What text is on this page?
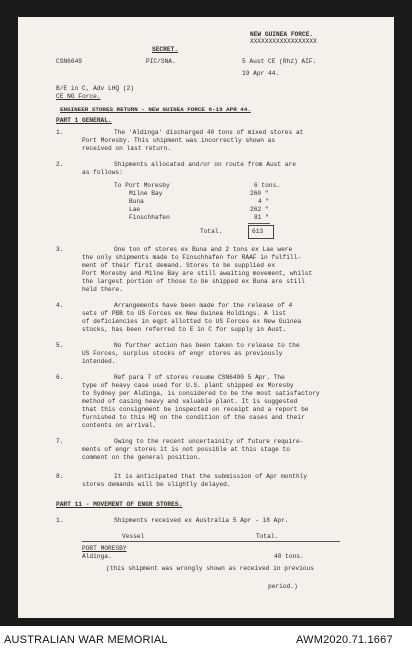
NEW GUINEA FORCE.
XXXXXXXXXXXXXXXXXX
SECRET.
CSN6649	PIC/SNA.	5 Aust CE (Rhz) AIF.
19 Apr 44.
B/E in C, Adv LHQ (2)
CE NG Force.
ENGINEER STORES RETURN - NEW GUINEA FORCE 6-19 APR 44.
PART 1 GENERAL.
1.	The 'Aldinga' discharged 40 tons of mixed stores at
Port Moresby. This shipment was incorrectly shown as
received on last return.
2.	Shipments allocated and/or on route from Aust are
as follows:
To Port Moresby	6 tons.
Milne Bay	260 "
Buna	4 "
Lae	262 "
Finschhafen	81 "
Total.	613
3.	One ton of stores ex Buna and 2 tons ex Lae were
the only shipments made to Finschhafen for RAAF in fulfill-
ment of their first demand. Stores to be supplied ex
Port Moresby and Milne Bay are still awaiting movement, whilst
the largest portion of those to be shipped ex Buna are still
held there.
4.	Arrangements have been made for the release of 4
sets of PBB to US Forces ex New Guinea Holdings. A list
of deficiencies in eqpt allotted to US Forces ex New Guinea
stocks, has been referred to E in C for supply in Aust.
5.	No further action has been taken to release to the
US Forces, surplus stocks of engr stores as previously
intended.
6.	Ref para 7 of stores resume CSN6490 5 Apr. The
type of heavy case used for U.S. plant shipped ex Moresby
to Sydney per Aldinga, is considered to be the most satisfactory
method of casing heavy and valuable plant. It is suggested
that this consignment be inspected on receipt and a report be
furnished to this HQ on the condition of the cases and their
contents on arrival.
7.	Owing to the recent uncertainity of future require-
ments of engr stores it is not possible at this stage to
comment on the general position.
8.	It is anticipated that the submission of Apr monthly
stores demands will be slightly delayed.
PART 11 - MOVEMENT OF ENGR STORES.
1.	Shipments received ex Australia 5 Apr - 18 Apr.
Vessel	Total.
PORT MORESBY
Aldinga.	40 tons.
(this shipment was wrongly shown as received in previous
period.)
AUSTRALIAN WAR MEMORIAL	AWM2020.71.1667
